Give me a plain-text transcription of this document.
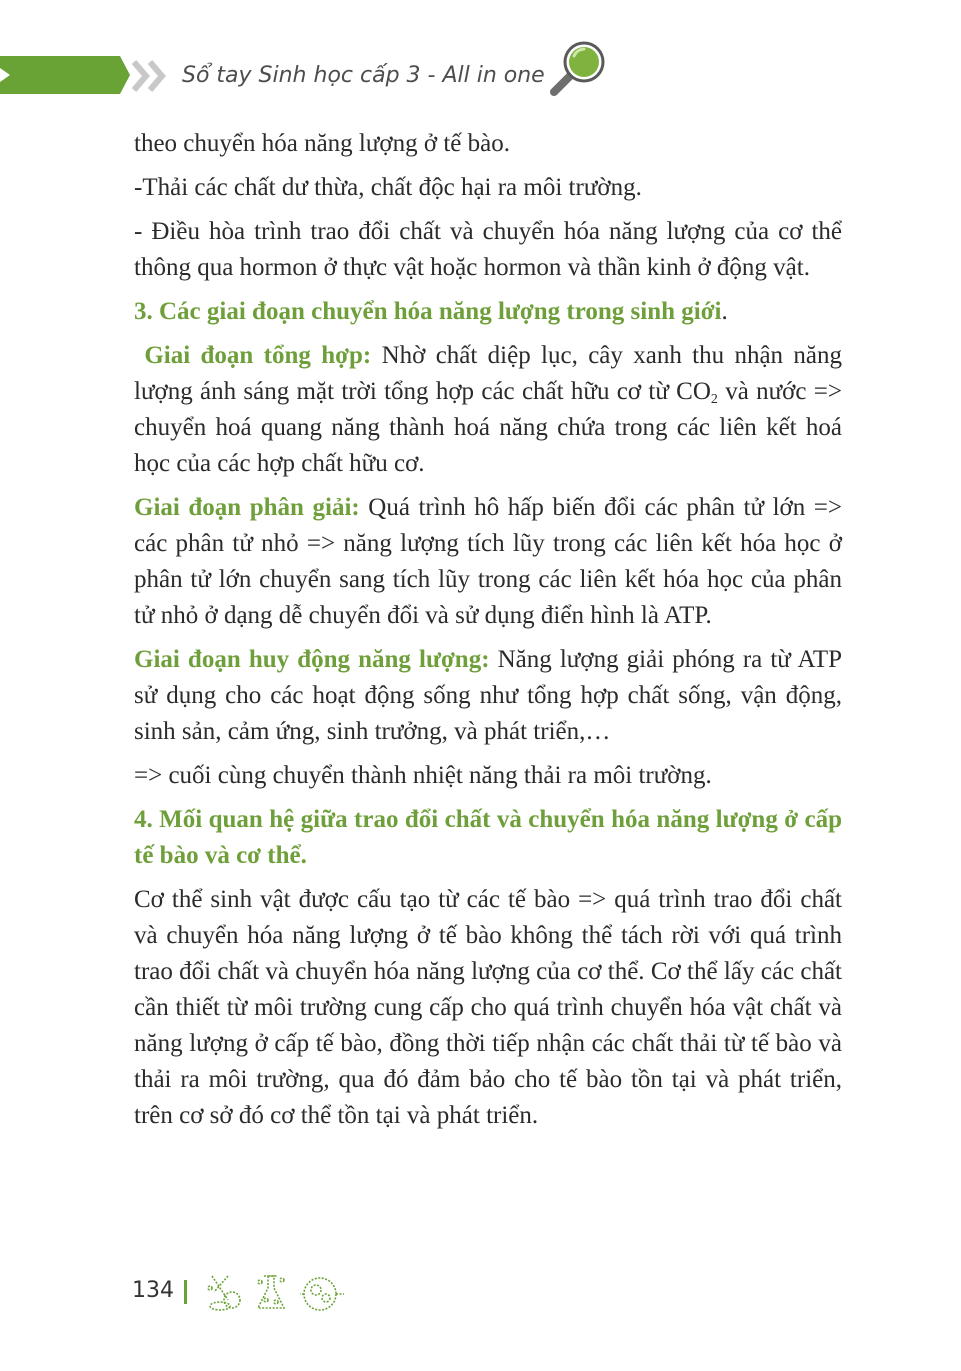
Sổ tay Sinh học cấp 3 - All in one

theo chuyển hóa năng lượng ở tế bào.

-Thải các chất dư thừa, chất độc hại ra môi trường.

- Điều hòa trình trao đổi chất và chuyển hóa năng lượng của cơ thể thông qua hormon ở thực vật hoặc hormon và thần kinh ở động vật.

3. Các giai đoạn chuyển hóa năng lượng trong sinh giới.

Giai đoạn tổng hợp: Nhờ chất diệp lục, cây xanh thu nhận năng lượng ánh sáng mặt trời tổng hợp các chất hữu cơ từ $CO_2$ và nước => chuyển hoá quang năng thành hoá năng chứa trong các liên kết hoá học của các hợp chất hữu cơ.

Giai đoạn phân giải: Quá trình hô hấp biến đổi các phân tử lớn => các phân tử nhỏ => năng lượng tích lũy trong các liên kết hóa học ở phân tử lớn chuyển sang tích lũy trong các liên kết hóa học của phân tử nhỏ ở dạng dễ chuyển đổi và sử dụng điển hình là ATP.

Giai đoạn huy động năng lượng: Năng lượng giải phóng ra từ ATP sử dụng cho các hoạt động sống như tổng hợp chất sống, vận động, sinh sản, cảm ứng, sinh trưởng, và phát triển,…

=> cuối cùng chuyển thành nhiệt năng thải ra môi trường.

4. Mối quan hệ giữa trao đổi chất và chuyển hóa năng lượng ở cấp tế bào và cơ thể.

Cơ thể sinh vật được cấu tạo từ các tế bào => quá trình trao đổi chất và chuyển hóa năng lượng ở tế bào không thể tách rời với quá trình trao đổi chất và chuyển hóa năng lượng của cơ thể. Cơ thể lấy các chất cần thiết từ môi trường cung cấp cho quá trình chuyển hóa vật chất và năng lượng ở cấp tế bào, đồng thời tiếp nhận các chất thải từ tế bào và thải ra môi trường, qua đó đảm bảo cho tế bào tồn tại và phát triển, trên cơ sở đó cơ thể tồn tại và phát triển.

134
